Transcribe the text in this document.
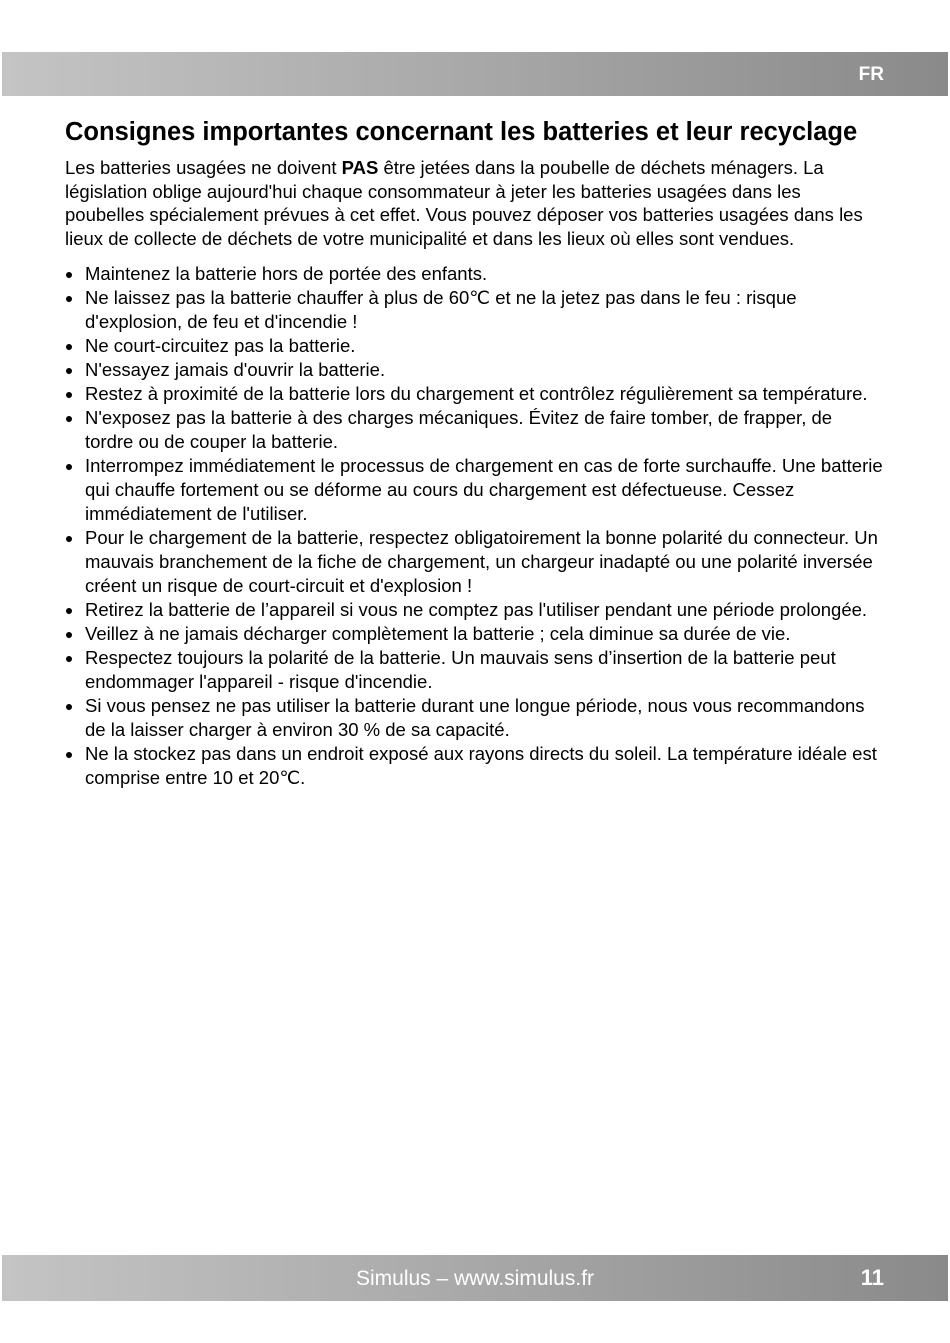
FR
Consignes importantes concernant les batteries et leur recyclage

Les batteries usagées ne doivent PAS être jetées dans la poubelle de déchets ménagers. La législation oblige aujourd'hui chaque consommateur à jeter les batteries usagées dans les poubelles spécialement prévues à cet effet. Vous pouvez déposer vos batteries usagées dans les lieux de collecte de déchets de votre municipalité et dans les lieux où elles sont vendues.

Maintenez la batterie hors de portée des enfants.
Ne laissez pas la batterie chauffer à plus de 60℃ et ne la jetez pas dans le feu : risque d'explosion, de feu et d'incendie !
Ne court-circuitez pas la batterie.
N'essayez jamais d'ouvrir la batterie.
Restez à proximité de la batterie lors du chargement et contrôlez régulièrement sa température.
N'exposez pas la batterie à des charges mécaniques. Évitez de faire tomber, de frapper, de tordre ou de couper la batterie.
Interrompez immédiatement le processus de chargement en cas de forte surchauffe. Une batterie qui chauffe fortement ou se déforme au cours du chargement est défectueuse. Cessez immédiatement de l'utiliser.
Pour le chargement de la batterie, respectez obligatoirement la bonne polarité du connecteur. Un mauvais branchement de la fiche de chargement, un chargeur inadapté ou une polarité inversée créent un risque de court-circuit et d'explosion !
Retirez la batterie de l’appareil si vous ne comptez pas l'utiliser pendant une période prolongée.
Veillez à ne jamais décharger complètement la batterie ; cela diminue sa durée de vie.
Respectez toujours la polarité de la batterie. Un mauvais sens d’insertion de la batterie peut endommager l'appareil - risque d'incendie.
Si vous pensez ne pas utiliser la batterie durant une longue période, nous vous recommandons de la laisser charger à environ 30 % de sa capacité.
Ne la stockez pas dans un endroit exposé aux rayons directs du soleil. La température idéale est comprise entre 10 et 20℃.
Simulus – www.simulus.fr	11
